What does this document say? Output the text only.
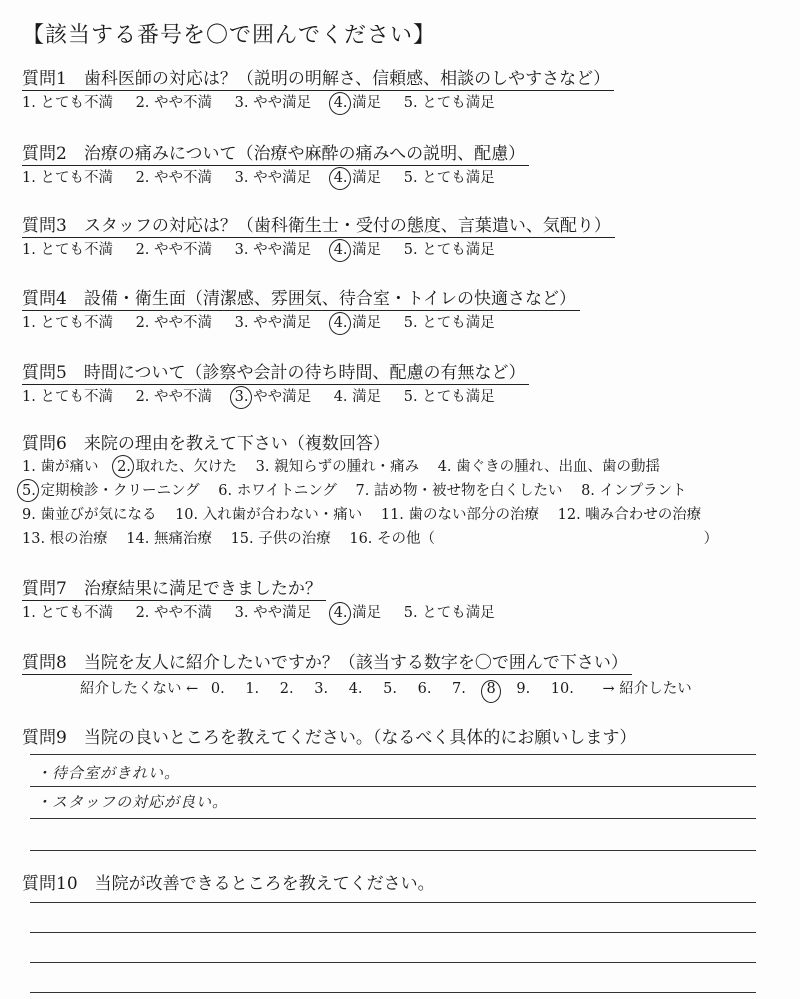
【該当する番号を〇で囲んでください】
質問1　歯科医師の対応は？（説明の明解さ、信頼感、相談のしやすさなど）
1. とても不満 2. やや不満 3. やや満足 4. 満足 5. とても満足
質問2　治療の痛みについて（治療や麻酔の痛みへの説明、配慮）
1. とても不満 2. やや不満 3. やや満足 4. 満足 5. とても満足
質問3　スタッフの対応は？（歯科衛生士・受付の態度、言葉遣い、気配り）
1. とても不満 2. やや不満 3. やや満足 4. 満足 5. とても満足
質問4　設備・衛生面（清潔感、雰囲気、待合室・トイレの快適さなど）
1. とても不満 2. やや不満 3. やや満足 4. 満足 5. とても満足
質問5　時間について（診察や会計の待ち時間、配慮の有無など）
1. とても不満 2. やや不満 3. やや満足 4. 満足 5. とても満足
質問6　来院の理由を教えて下さい（複数回答）
1. 歯が痛い 2. 取れた、欠けた 3. 親知らずの腫れ・痛み 4. 歯ぐきの腫れ、出血、歯の動揺
5. 定期検診・クリーニング 6. ホワイトニング 7. 詰め物・被せ物を白くしたい 8. インプラント
9. 歯並びが気になる 10. 入れ歯が合わない・痛い 11. 歯のない部分の治療 12. 噛み合わせの治療
13. 根の治療 14. 無痛治療 15. 子供の治療 16. その他（	）
質問7　治療結果に満足できましたか？
1. とても不満 2. やや不満 3. やや満足 4. 満足 5. とても満足
質問8　当院を友人に紹介したいですか？（該当する数字を〇で囲んで下さい）
紹介したくない ← 0. 1. 2. 3. 4. 5. 6. 7. 8 9. 10. → 紹介したい
質問9　当院の良いところを教えてください。（なるべく具体的にお願いします）
・待合室がきれい。
・スタッフの対応が良い。
質問10　当院が改善できるところを教えてください。
